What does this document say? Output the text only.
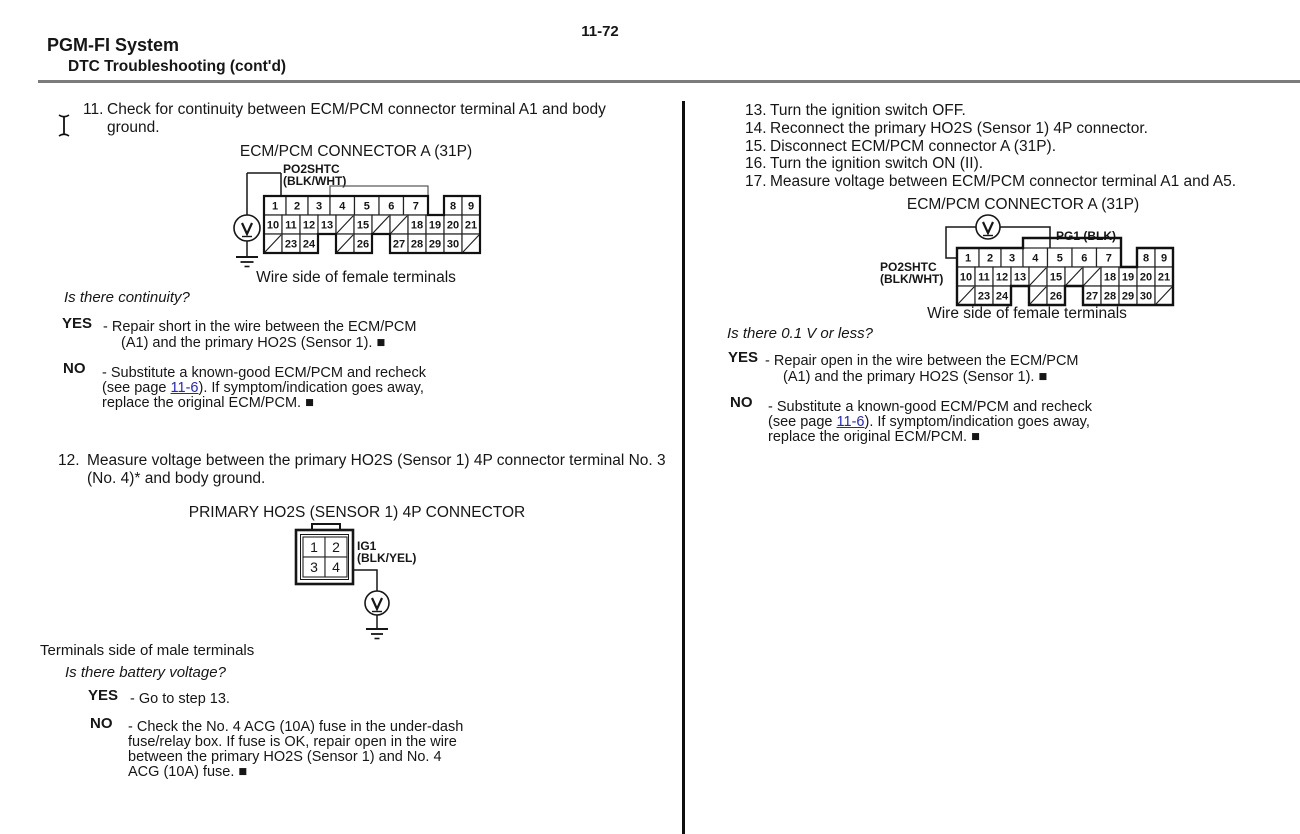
11-72
PGM-FI System
DTC Troubleshooting (cont'd)
11. Check for continuity between ECM/PCM connector terminal A1 and body ground.
ECM/PCM CONNECTOR A (31P)
PO2SHTC
(BLK/WHT)
1 2 3 4 5 6 7	8 9
10 11 12 13 15	18 19 20 21
23 24	26 27 28 29 30
Wire side of female terminals
Is there continuity?
YES - Repair short in the wire between the ECM/PCM
(A1) and the primary HO2S (Sensor 1). ■
NO - Substitute a known-good ECM/PCM and recheck
(see page 11-6). If symptom/indication goes away,
replace the original ECM/PCM. ■
12. Measure voltage between the primary HO2S (Sensor 1) 4P connector terminal No. 3 (No. 4)* and body ground.
PRIMARY HO2S (SENSOR 1) 4P CONNECTOR
1 2
3 4
IG1
(BLK/YEL)
Terminals side of male terminals
Is there battery voltage?
YES - Go to step 13.
NO - Check the No. 4 ACG (10A) fuse in the under-dash
fuse/relay box. If fuse is OK, repair open in the wire
between the primary HO2S (Sensor 1) and No. 4
ACG (10A) fuse. ■
13. Turn the ignition switch OFF.
14. Reconnect the primary HO2S (Sensor 1) 4P connector.
15. Disconnect ECM/PCM connector A (31P).
16. Turn the ignition switch ON (II).
17. Measure voltage between ECM/PCM connector terminal A1 and A5.
ECM/PCM CONNECTOR A (31P)
PG1 (BLK)
PO2SHTC
(BLK/WHT)
1 2 3 4 5 6 7	8 9
10 11 12 13 15	18 19 20 21
23 24	26 27 28 29 30
Wire side of female terminals
Is there 0.1 V or less?
YES - Repair open in the wire between the ECM/PCM
(A1) and the primary HO2S (Sensor 1). ■
NO - Substitute a known-good ECM/PCM and recheck
(see page 11-6). If symptom/indication goes away,
replace the original ECM/PCM. ■
